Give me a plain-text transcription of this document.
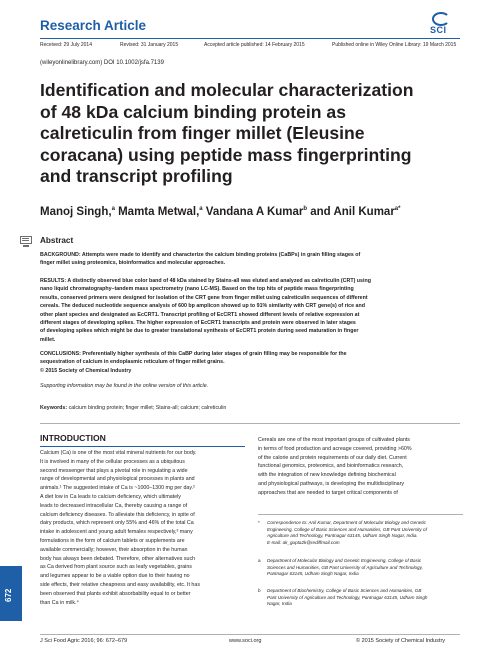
Research Article	SCI
Received: 29 July 2014	Revised: 31 January 2015	Accepted article published: 14 February 2015	Published online in Wiley Online Library: 19 March 2015
(wileyonlinelibrary.com) DOI 10.1002/jsfa.7139
Identification and molecular characterization
of 48 kDa calcium binding protein as
calreticulin from finger millet (Eleusine
coracana) using peptide mass fingerprinting
and transcript profiling
Manoj Singh,$^a$ Mamta Metwal,$^a$ Vandana A Kumar$^b$ and Anil Kumar$^{a*}$
Abstract
BACKGROUND: Attempts were made to identify and characterize the calcium binding proteins (CaBPs) in grain filling stages of
finger millet using proteomics, bioinformatics and molecular approaches.
RESULTS: A distinctly observed blue color band of 48 kDa stained by Stains-all was eluted and analyzed as calreticulin (CRT) using
nano liquid chromatography–tandem mass spectrometry (nano LC-MS). Based on the top hits of peptide mass fingerprinting
results, conserved primers were designed for isolation of the CRT gene from finger millet using calreticulin sequences of different
cereals. The deduced nucleotide sequence analysis of 600 bp amplicon showed up to 91% similarity with CRT gene(s) of rice and
other plant species and designated as EcCRT1. Transcript profiling of EcCRT1 showed different levels of relative expression at
different stages of developing spikes. The higher expression of EcCRT1 transcripts and protein were observed in later stages
of developing spikes which might be due to greater translational synthesis of EcCRT1 protein during seed maturation in finger
millet.
CONCLUSIONS: Preferentially higher synthesis of this CaBP during later stages of grain filling may be responsible for the
sequestration of calcium in endoplasmic reticulum of finger millet grains.
© 2015 Society of Chemical Industry
Supporting information may be found in the online version of this article.
Keywords: calcium binding protein; finger millet; Stains-all; calcium; calreticulin
INTRODUCTION
Calcium (Ca) is one of the most vital mineral nutrients for our body.
It is involved in many of the cellular processes as a ubiquitous
second messenger that plays a pivotal role in regulating a wide
range of developmental and physiological processes in plants and
animals.¹ The suggested intake of Ca is ~1000–1300 mg per day.²
A diet low in Ca leads to calcium deficiency, which ultimately
leads to decreased intracellular Ca, thereby causing a range of
calcium deficiency diseases. To alleviate this deficiency, in spite of
dairy products, which represent only 55% and 46% of the total Ca
intake in adolescent and young adult females respectively,³ many
formulations in the form of calcium tablets or supplements are
available commercially; however, their absorption in the human
body has always been debated. Therefore, other alternatives such
as Ca derived from plant source such as leafy vegetables, grains
and legumes appear to be a viable option due to their having no
side effects, their relative cheapness and easy availability, etc. It has
been observed that plants exhibit absorbability equal to or better
than Ca in milk.⁴
Cereals are one of the most important groups of cultivated plants
in terms of food production and acreage covered, providing >60%
of the calorie and protein requirements of our daily diet. Current
functional genomics, proteomics, and bioinformatics research,
with the integration of new knowledge defining biochemical
and physiological pathways, is developing the multidisciplinary
approaches that are needed to target critical components of
* Correspondence to: Anil Kumar, Department of Molecular Biology and Genetic
Engineering, College of Basic Sciences and Humanities, GB Pant University of
Agriculture and Technology, Pantnagar 63145, Udham Singh Nagar, India.
E-mail: ak_gupta2k@rediffmail.com
a Department of Molecular Biology and Genetic Engineering, College of Basic
Sciences and Humanities, GB Pant University of Agriculture and Technology,
Pantnagar 63145, Udham Singh Nagar, India
b Department of Biochemistry, College of Basic Sciences and Humanities, GB
Pant University of Agriculture and Technology, Pantnagar 63145, Udham Singh
Nagar, India
672
J Sci Food Agric 2016; 96: 672–679	www.soci.org	© 2015 Society of Chemical Industry
